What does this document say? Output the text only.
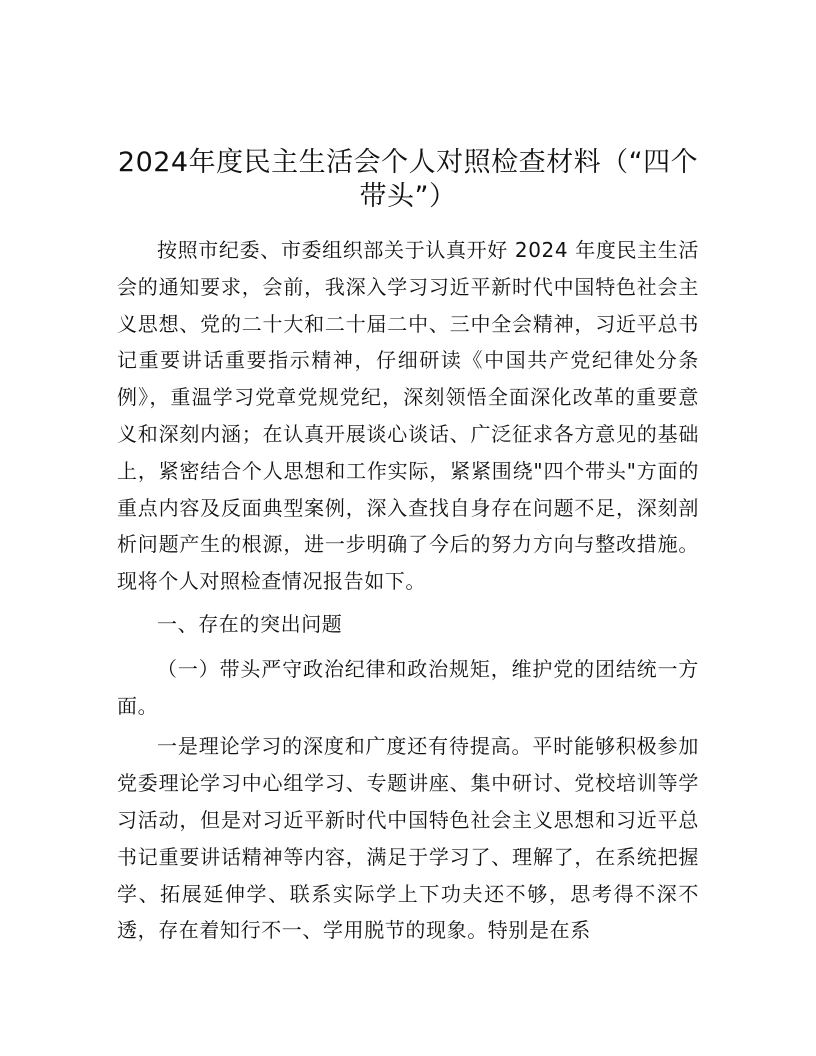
2024年度民主生活会个人对照检查材料（“四个带头”）

按照市纪委、市委组织部关于认真开好 2024 年度民主生活会的通知要求，会前，我深入学习习近平新时代中国特色社会主义思想、党的二十大和二十届二中、三中全会精神，习近平总书记重要讲话重要指示精神，仔细研读《中国共产党纪律处分条例》，重温学习党章党规党纪，深刻领悟全面深化改革的重要意义和深刻内涵；在认真开展谈心谈话、广泛征求各方意见的基础上，紧密结合个人思想和工作实际，紧紧围绕"四个带头"方面的重点内容及反面典型案例，深入查找自身存在问题不足，深刻剖析问题产生的根源，进一步明确了今后的努力方向与整改措施。现将个人对照检查情况报告如下。

一、存在的突出问题

（一）带头严守政治纪律和政治规矩，维护党的团结统一方面。

一是理论学习的深度和广度还有待提高。平时能够积极参加党委理论学习中心组学习、专题讲座、集中研讨、党校培训等学习活动，但是对习近平新时代中国特色社会主义思想和习近平总书记重要讲话精神等内容，满足于学习了、理解了，在系统把握学、拓展延伸学、联系实际学上下功夫还不够，思考得不深不透，存在着知行不一、学用脱节的现象。特别是在系
